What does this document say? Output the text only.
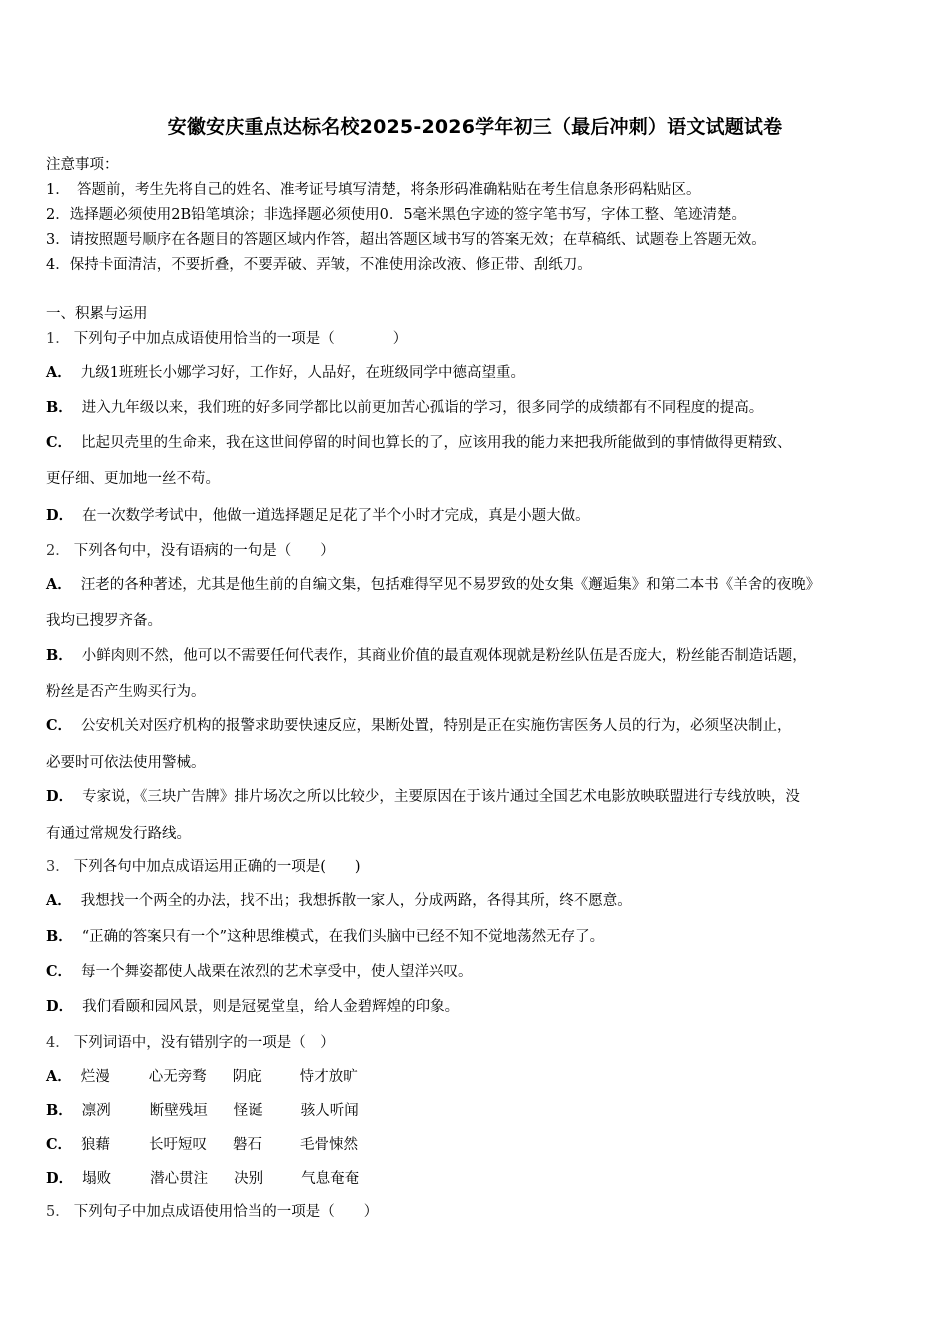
安徽安庆重点达标名校2025-2026学年初三（最后冲刺）语文试题试卷
注意事项：
1．　答题前，考生先将自己的姓名、准考证号填写清楚，将条形码准确粘贴在考生信息条形码粘贴区。
2．选择题必须使用2B铅笔填涂；非选择题必须使用0．5毫米黑色字迹的签字笔书写，字体工整、笔迹清楚。
3．请按照题号顺序在各题目的答题区域内作答，超出答题区域书写的答案无效；在草稿纸、试题卷上答题无效。
4．保持卡面清洁，不要折叠，不要弄破、弄皱，不准使用涂改液、修正带、刮纸刀。
一、积累与运用
1． 下列句子中加点成语使用恰当的一项是（　　　　）
A． 九级1班班长小娜学习好，工作好，人品好，在班级同学中德高望重。
B． 进入九年级以来，我们班的好多同学都比以前更加苦心孤诣的学习，很多同学的成绩都有不同程度的提高。
C． 比起贝壳里的生命来，我在这世间停留的时间也算长的了，应该用我的能力来把我所能做到的事情做得更精致、
更仔细、更加地一丝不苟。
D． 在一次数学考试中，他做一道选择题足足花了半个小时才完成，真是小题大做。
2． 下列各句中，没有语病的一句是（　　）
A． 汪老的各种著述，尤其是他生前的自编文集，包括难得罕见不易罗致的处女集《邂逅集》和第二本书《羊舍的夜晚》
我均已搜罗齐备。
B． 小鲜肉则不然，他可以不需要任何代表作，其商业价值的最直观体现就是粉丝队伍是否庞大，粉丝能否制造话题，
粉丝是否产生购买行为。
C． 公安机关对医疗机构的报警求助要快速反应，果断处置，特别是正在实施伤害医务人员的行为，必须坚决制止，
必要时可依法使用警械。
D． 专家说，《三块广告牌》排片场次之所以比较少，主要原因在于该片通过全国艺术电影放映联盟进行专线放映，没
有通过常规发行路线。
3． 下列各句中加点成语运用正确的一项是(　　)
A． 我想找一个两全的办法，找不出；我想拆散一家人，分成两路，各得其所，终不愿意。
B． “正确的答案只有一个”这种思维模式，在我们头脑中已经不知不觉地荡然无存了。
C． 每一个舞姿都使人战栗在浓烈的艺术享受中，使人望洋兴叹。
D． 我们看颐和园风景，则是冠冕堂皇，给人金碧辉煌的印象。
4． 下列词语中，没有错别字的一项是（　）
A． 烂漫	心无旁骛 阴庇	恃才放旷
B． 凛冽	断壁残垣 怪诞	骇人听闻
C． 狼藉	长吁短叹 磐石	毛骨悚然
D． 塌败	潜心贯注 决别	气息奄奄
5． 下列句子中加点成语使用恰当的一项是（　　）
